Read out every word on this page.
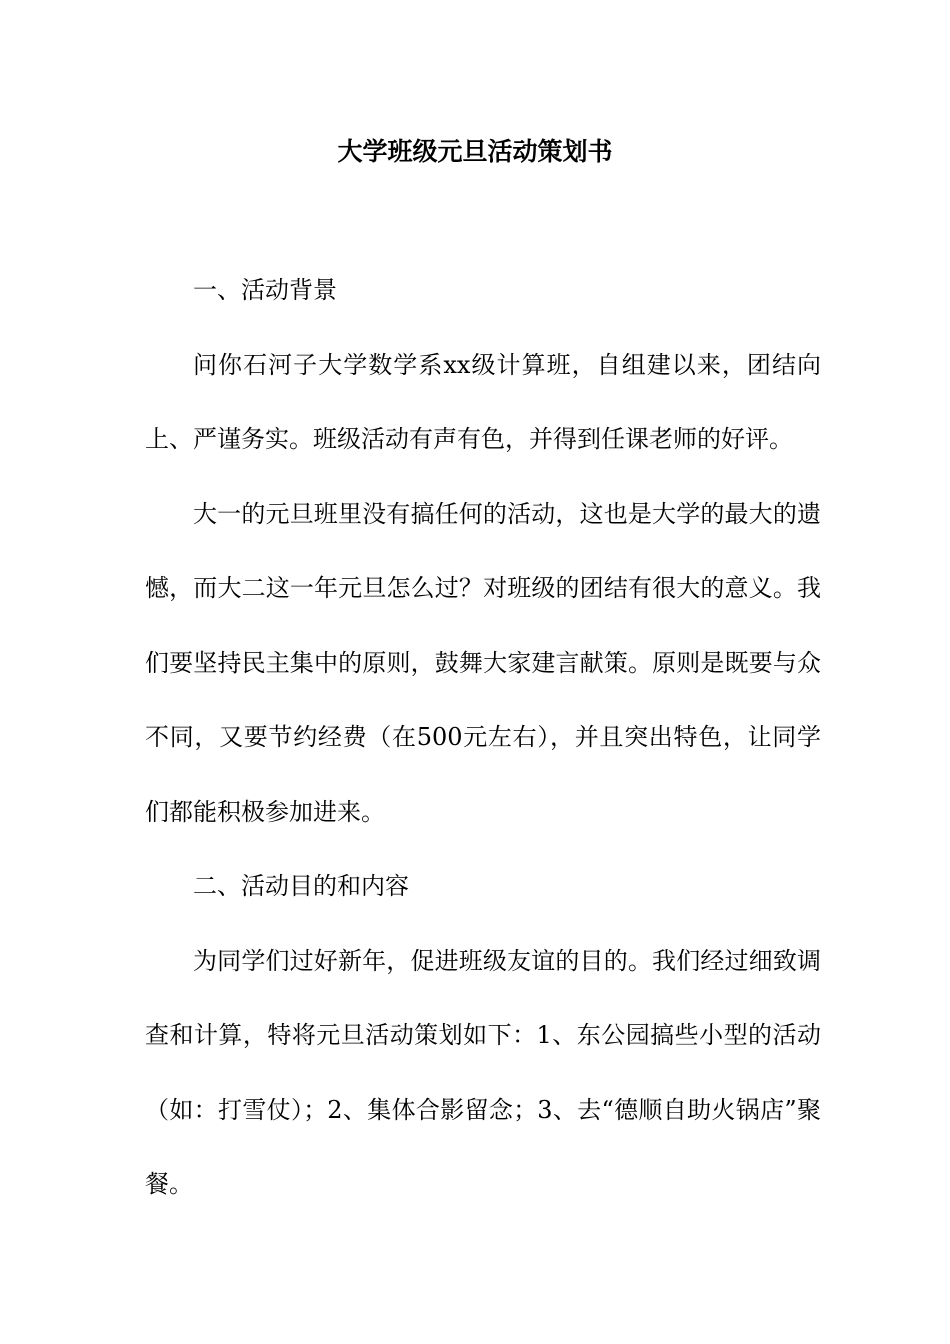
大学班级元旦活动策划书

一、活动背景

问你石河子大学数学系xx级计算班，自组建以来，团结向上、严谨务实。班级活动有声有色，并得到任课老师的好评。

大一的元旦班里没有搞任何的活动，这也是大学的最大的遗憾，而大二这一年元旦怎么过？对班级的团结有很大的意义。我们要坚持民主集中的原则，鼓舞大家建言献策。原则是既要与众不同，又要节约经费（在500元左右），并且突出特色，让同学们都能积极参加进来。

二、活动目的和内容

为同学们过好新年，促进班级友谊的目的。我们经过细致调查和计算，特将元旦活动策划如下：1、东公园搞些小型的活动（如：打雪仗）；2、集体合影留念；3、去“德顺自助火锅店”聚餐。
